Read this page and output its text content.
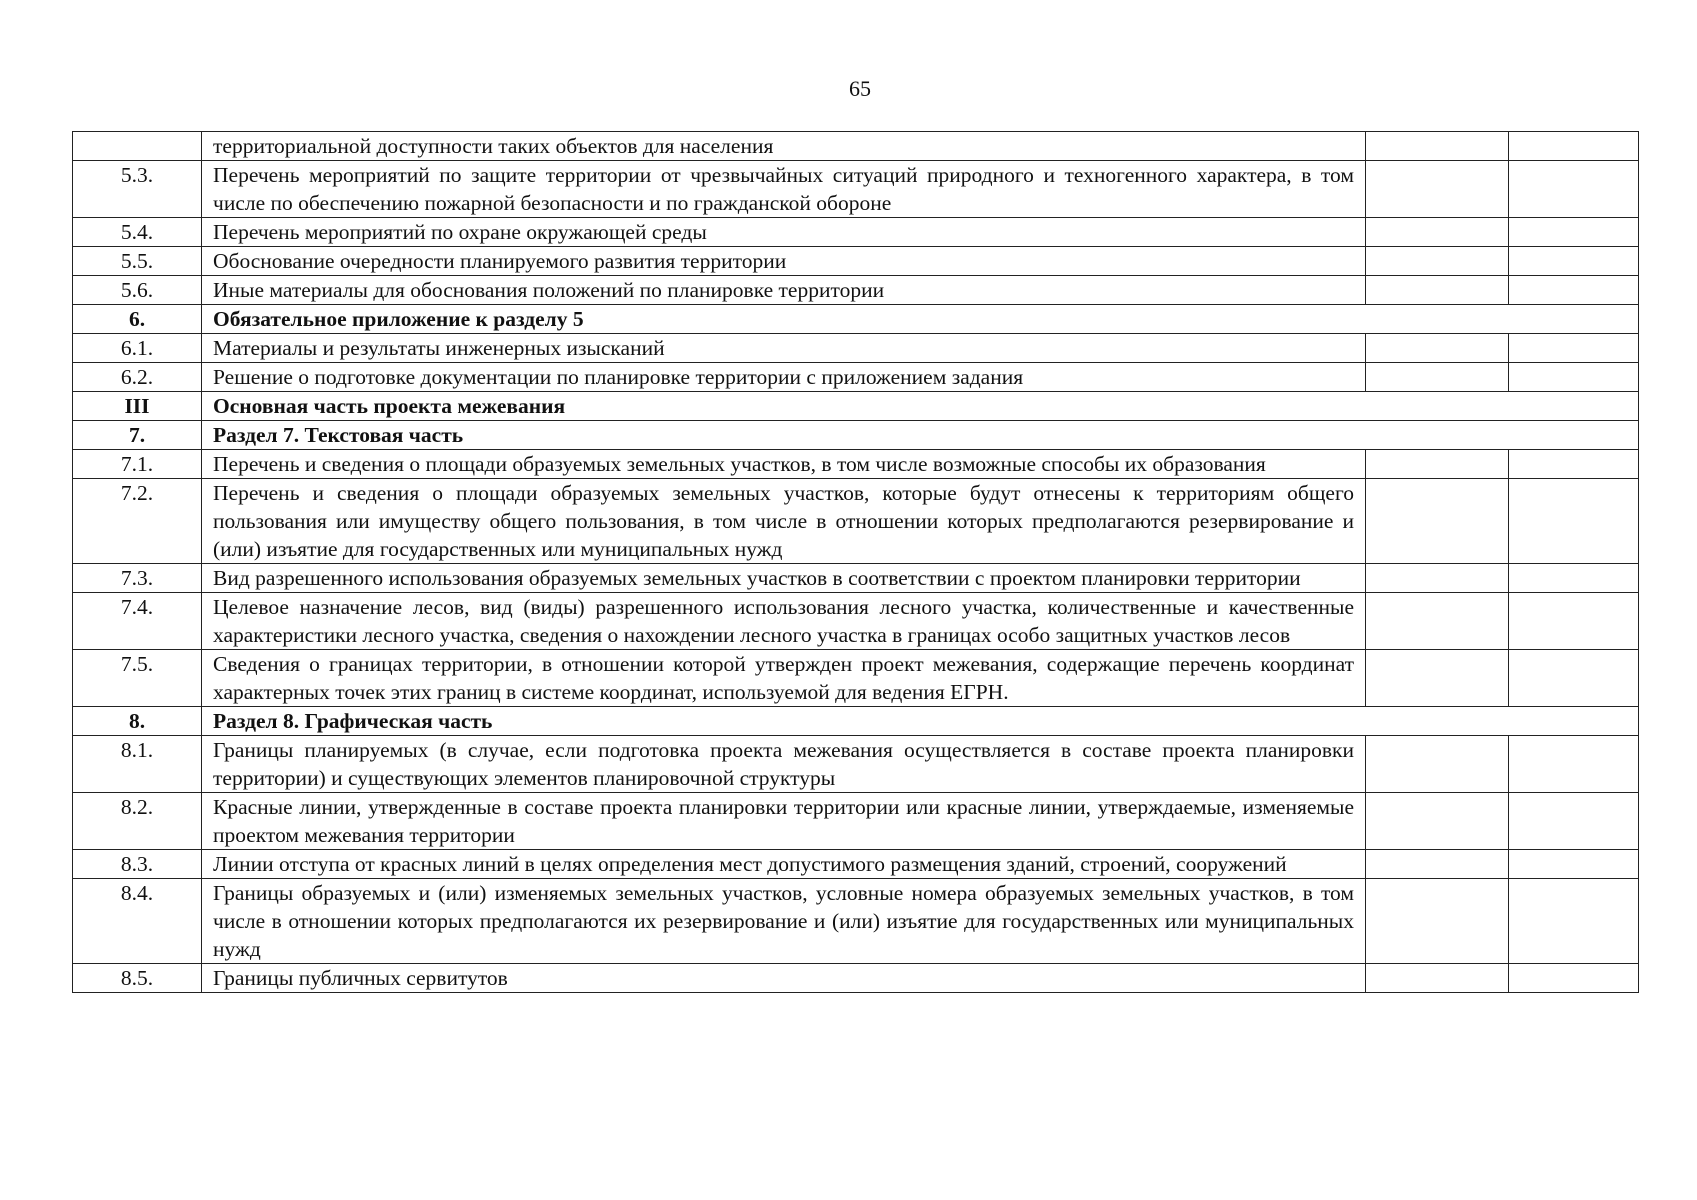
65
	территориальной доступности таких объектов для населения		
5.3.	Перечень мероприятий по защите территории от чрезвычайных ситуаций природного и техногенного характера, в том числе по обеспечению пожарной безопасности и по гражданской обороне		
5.4.	Перечень мероприятий по охране окружающей среды		
5.5.	Обоснование очередности планируемого развития территории		
5.6.	Иные материалы для обоснования положений по планировке территории		
6.	Обязательное приложение к разделу 5		
6.1.	Материалы и результаты инженерных изысканий		
6.2.	Решение о подготовке документации по планировке территории с приложением задания		
III	Основная часть проекта межевания		
7.	Раздел 7. Текстовая часть		
7.1.	Перечень и сведения о площади образуемых земельных участков, в том числе возможные способы их образования		
7.2.	Перечень и сведения о площади образуемых земельных участков, которые будут отнесены к территориям общего пользования или имуществу общего пользования, в том числе в отношении которых предполагаются резервирование и (или) изъятие для государственных или муниципальных нужд		
7.3.	Вид разрешенного использования образуемых земельных участков в соответствии с проектом планировки территории		
7.4.	Целевое назначение лесов, вид (виды) разрешенного использования лесного участка, количественные и качественные характеристики лесного участка, сведения о нахождении лесного участка в границах особо защитных участков лесов		
7.5.	Сведения о границах территории, в отношении которой утвержден проект межевания, содержащие перечень координат характерных точек этих границ в системе координат, используемой для ведения ЕГРН.		
8.	Раздел 8. Графическая часть		
8.1.	Границы планируемых (в случае, если подготовка проекта межевания осуществляется в составе проекта планировки территории) и существующих элементов планировочной структуры		
8.2.	Красные линии, утвержденные в составе проекта планировки территории или красные линии, утверждаемые, изменяемые проектом межевания территории		
8.3.	Линии отступа от красных линий в целях определения мест допустимого размещения зданий, строений, сооружений		
8.4.	Границы образуемых и (или) изменяемых земельных участков, условные номера образуемых земельных участков, в том числе в отношении которых предполагаются их резервирование и (или) изъятие для государственных или муниципальных нужд		
8.5.	Границы публичных сервитутов		
